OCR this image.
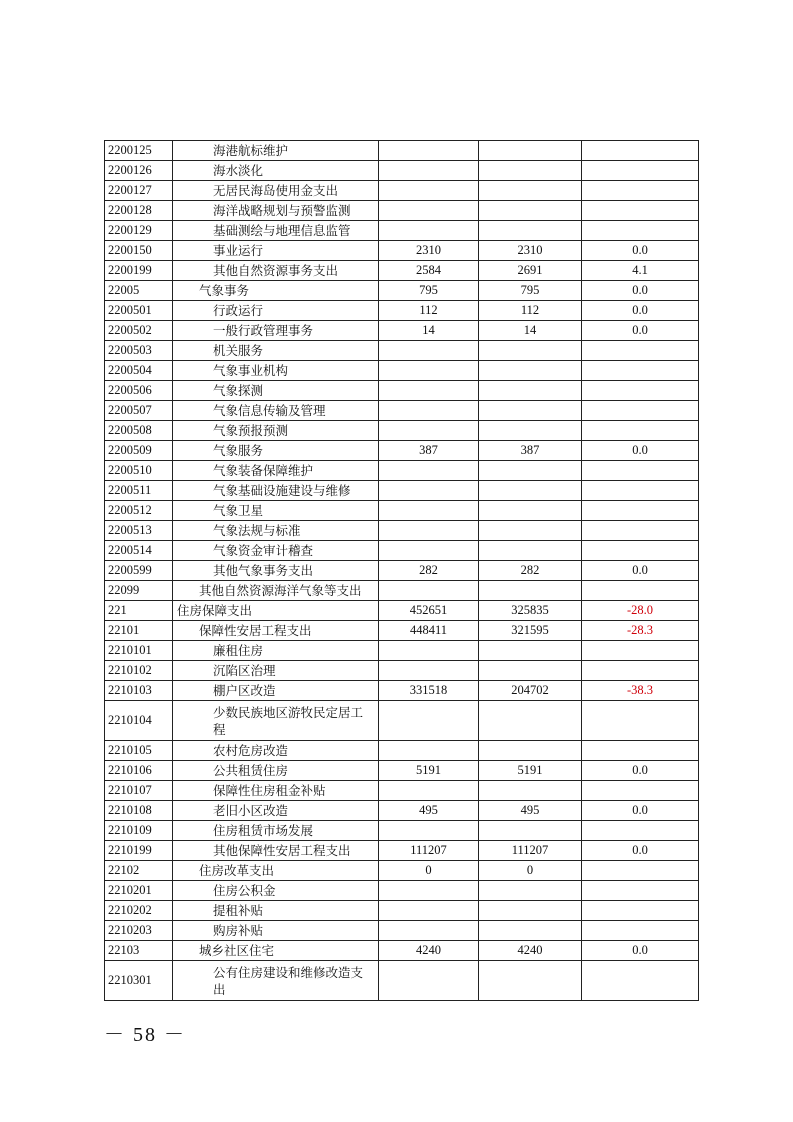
2200125	海港航标维护			
2200126	海水淡化			
2200127	无居民海岛使用金支出			
2200128	海洋战略规划与预警监测			
2200129	基础测绘与地理信息监管			
2200150	事业运行	2310	2310	0.0
2200199	其他自然资源事务支出	2584	2691	4.1
22005	气象事务	795	795	0.0
2200501	行政运行	112	112	0.0
2200502	一般行政管理事务	14	14	0.0
2200503	机关服务			
2200504	气象事业机构			
2200506	气象探测			
2200507	气象信息传输及管理			
2200508	气象预报预测			
2200509	气象服务	387	387	0.0
2200510	气象装备保障维护			
2200511	气象基础设施建设与维修			
2200512	气象卫星			
2200513	气象法规与标准			
2200514	气象资金审计稽查			
2200599	其他气象事务支出	282	282	0.0
22099	其他自然资源海洋气象等支出			
221	住房保障支出	452651	325835	-28.0
22101	保障性安居工程支出	448411	321595	-28.3
2210101	廉租住房			
2210102	沉陷区治理			
2210103	棚户区改造	331518	204702	-38.3
2210104	少数民族地区游牧民定居工程			
2210105	农村危房改造			
2210106	公共租赁住房	5191	5191	0.0
2210107	保障性住房租金补贴			
2210108	老旧小区改造	495	495	0.0
2210109	住房租赁市场发展			
2210199	其他保障性安居工程支出	111207	111207	0.0
22102	住房改革支出	0	0	
2210201	住房公积金			
2210202	提租补贴			
2210203	购房补贴			
22103	城乡社区住宅	4240	4240	0.0
2210301	公有住房建设和维修改造支出			
－ 58 －
